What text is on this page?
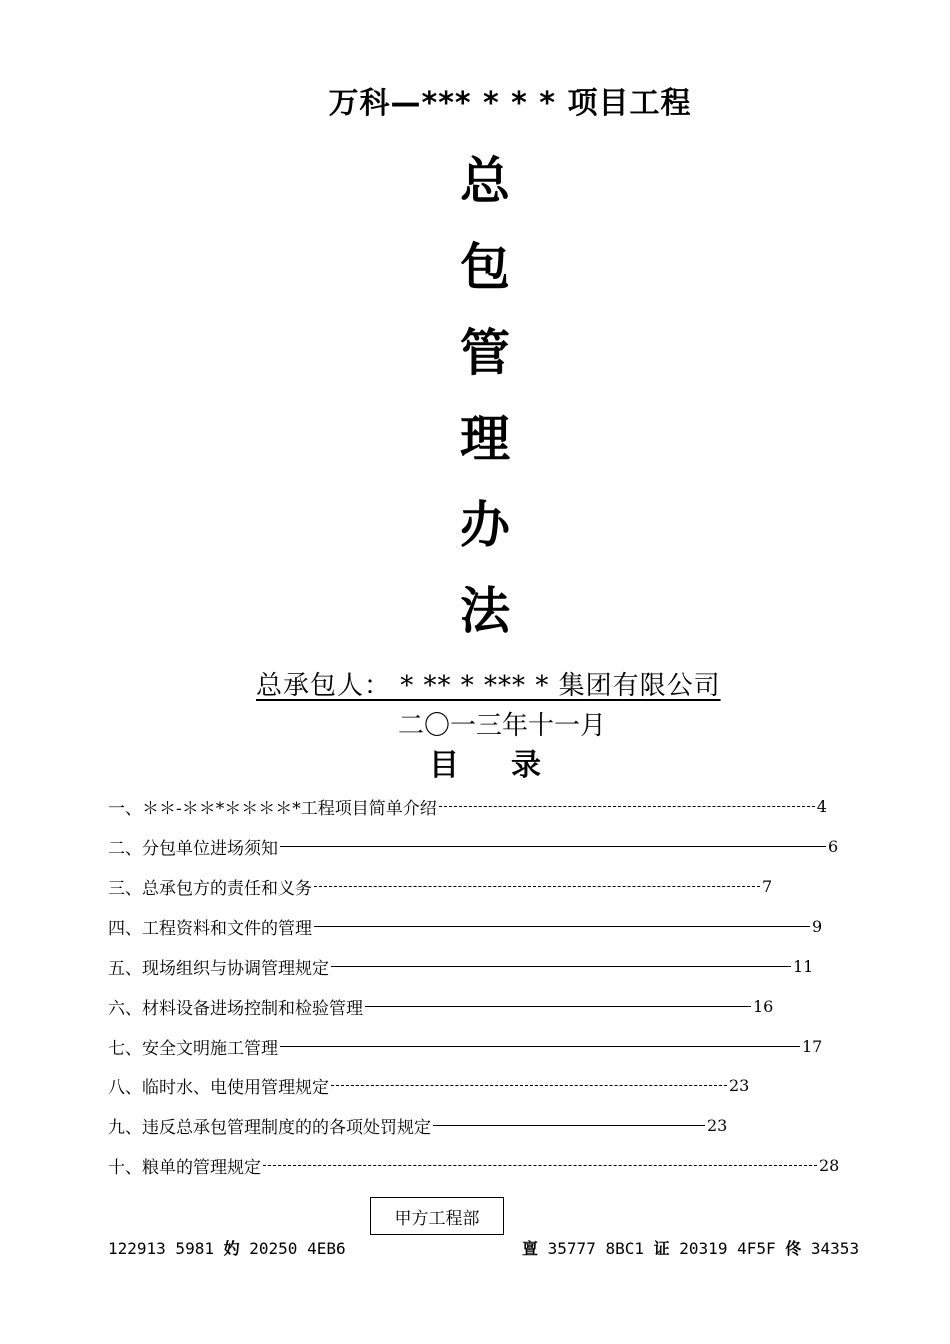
万科—*** * * * 项目工程
总
包
管
理
办
法
总承包人： * ** * *** * 集团有限公司
二〇一三年十一月
目 录
一、＊＊-＊＊*＊＊＊＊*工程项目简单介绍	4
二、分包单位进场须知	6
三、总承包方的责任和义务	7
四、工程资料和文件的管理	9
五、现场组织与协调管理规定	11
六、材料设备进场控制和检验管理	16
七、安全文明施工管理	17
八、临时水、电使用管理规定	23
九、违反总承包管理制度的的各项处罚规定	23
十、粮单的管理规定	28
甲方工程部
122913 5981 妁 20250 4EB6	亶 35777 8BC1 证 20319 4F5F 佟 34353
